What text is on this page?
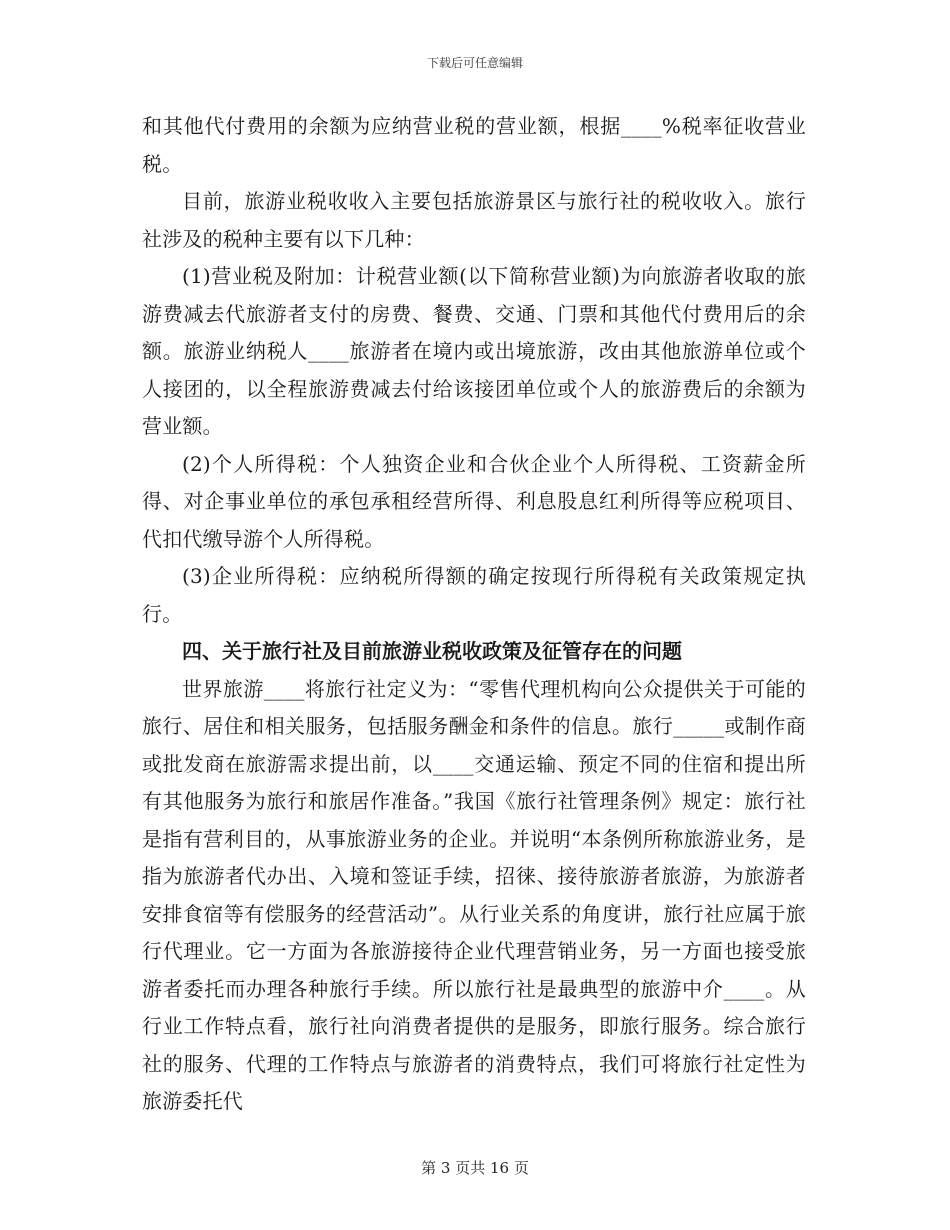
下载后可任意编辑

和其他代付费用的余额为应纳营业税的营业额，根据____%税率征收营业税。

目前，旅游业税收收入主要包括旅游景区与旅行社的税收收入。旅行社涉及的税种主要有以下几种：

(1)营业税及附加：计税营业额(以下简称营业额)为向旅游者收取的旅游费减去代旅游者支付的房费、餐费、交通、门票和其他代付费用后的余额。旅游业纳税人____旅游者在境内或出境旅游，改由其他旅游单位或个人接团的，以全程旅游费减去付给该接团单位或个人的旅游费后的余额为营业额。

(2)个人所得税：个人独资企业和合伙企业个人所得税、工资薪金所得、对企事业单位的承包承租经营所得、利息股息红利所得等应税项目、代扣代缴导游个人所得税。

(3)企业所得税：应纳税所得额的确定按现行所得税有关政策规定执行。

四、关于旅行社及目前旅游业税收政策及征管存在的问题

世界旅游____将旅行社定义为：“零售代理机构向公众提供关于可能的旅行、居住和相关服务，包括服务酬金和条件的信息。旅行_____或制作商或批发商在旅游需求提出前，以____交通运输、预定不同的住宿和提出所有其他服务为旅行和旅居作准备。”我国《旅行社管理条例》规定：旅行社是指有营利目的，从事旅游业务的企业。并说明“本条例所称旅游业务，是指为旅游者代办出、入境和签证手续，招徕、接待旅游者旅游，为旅游者安排食宿等有偿服务的经营活动”。从行业关系的角度讲，旅行社应属于旅行代理业。它一方面为各旅游接待企业代理营销业务，另一方面也接受旅游者委托而办理各种旅行手续。所以旅行社是最典型的旅游中介____。从行业工作特点看，旅行社向消费者提供的是服务，即旅行服务。综合旅行社的服务、代理的工作特点与旅游者的消费特点，我们可将旅行社定性为旅游委托代

第 3 页共 16 页
